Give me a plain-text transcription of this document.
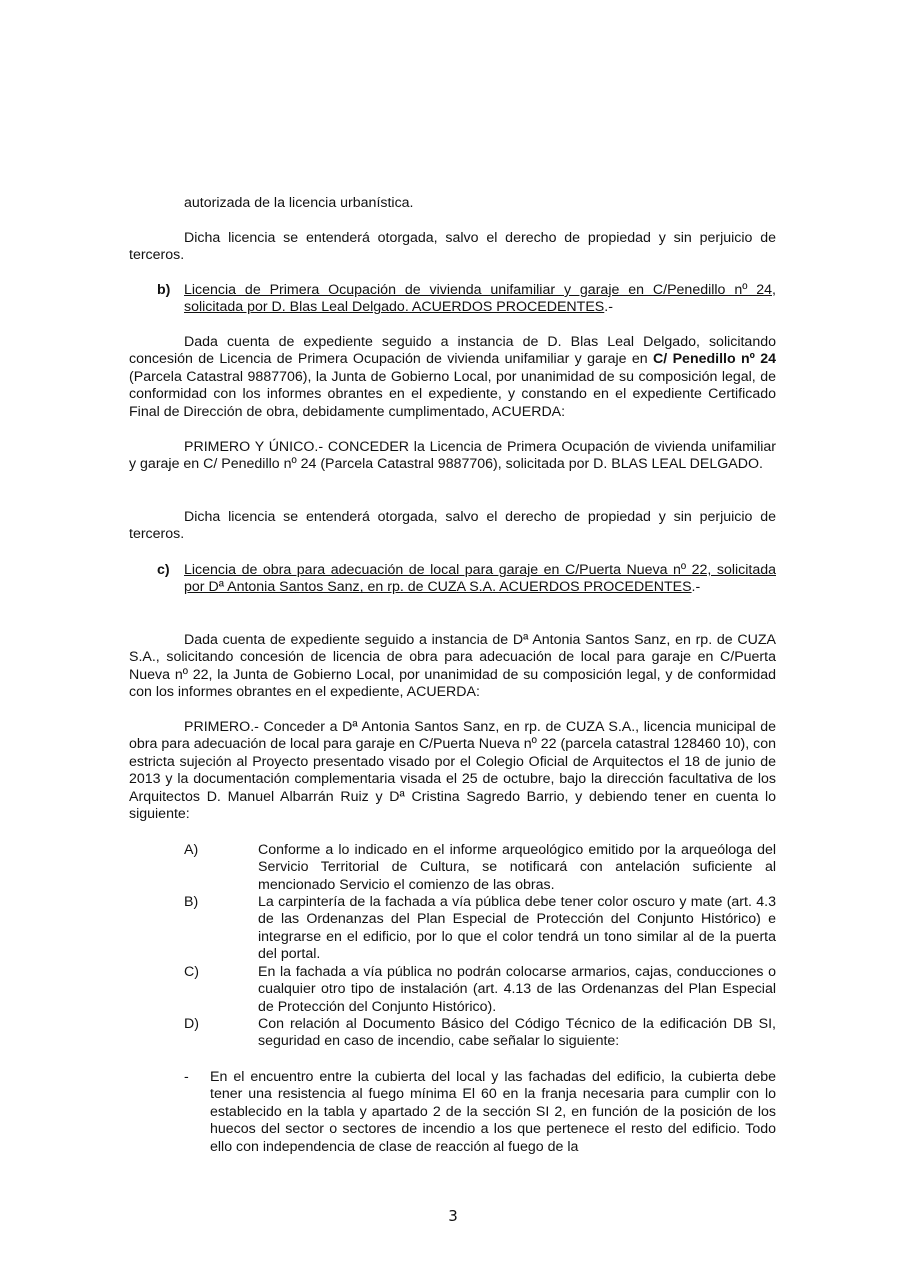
autorizada de la licencia urbanística.
Dicha licencia se entenderá otorgada, salvo el derecho de propiedad y sin perjuicio de terceros.
b) Licencia de Primera Ocupación de vivienda unifamiliar y garaje en C/Penedillo nº 24, solicitada por D. Blas Leal Delgado. ACUERDOS PROCEDENTES.-
Dada cuenta de expediente seguido a instancia de D. Blas Leal Delgado, solicitando concesión de Licencia de Primera Ocupación de vivienda unifamiliar y garaje en C/ Penedillo nº 24 (Parcela Catastral 9887706), la Junta de Gobierno Local, por unanimidad de su composición legal, de conformidad con los informes obrantes en el expediente, y constando en el expediente Certificado Final de Dirección de obra, debidamente cumplimentado, ACUERDA:
PRIMERO Y ÚNICO.- CONCEDER la Licencia de Primera Ocupación de vivienda unifamiliar y garaje en C/ Penedillo nº 24 (Parcela Catastral 9887706), solicitada por D. BLAS LEAL DELGADO.
Dicha licencia se entenderá otorgada, salvo el derecho de propiedad y sin perjuicio de terceros.
c) Licencia de obra para adecuación de local para garaje en C/Puerta Nueva nº 22, solicitada por Dª Antonia Santos Sanz, en rp. de CUZA S.A. ACUERDOS PROCEDENTES.-
Dada cuenta de expediente seguido a instancia de Dª Antonia Santos Sanz, en rp. de CUZA S.A., solicitando concesión de licencia de obra para adecuación de local para garaje en C/Puerta Nueva nº 22, la Junta de Gobierno Local, por unanimidad de su composición legal, y de conformidad con los informes obrantes en el expediente, ACUERDA:
PRIMERO.- Conceder a Dª Antonia Santos Sanz, en rp. de CUZA S.A., licencia municipal de obra para adecuación de local para garaje en C/Puerta Nueva nº 22 (parcela catastral 128460 10), con estricta sujeción al Proyecto presentado visado por el Colegio Oficial de Arquitectos el 18 de junio de 2013 y la documentación complementaria visada el 25 de octubre, bajo la dirección facultativa de los Arquitectos D. Manuel Albarrán Ruiz y Dª Cristina Sagredo Barrio, y debiendo tener en cuenta lo siguiente:
A)	Conforme a lo indicado en el informe arqueológico emitido por la arqueóloga del Servicio Territorial de Cultura, se notificará con antelación suficiente al mencionado Servicio el comienzo de las obras.
B)	La carpintería de la fachada a vía pública debe tener color oscuro y mate (art. 4.3 de las Ordenanzas del Plan Especial de Protección del Conjunto Histórico) e integrarse en el edificio, por lo que el color tendrá un tono similar al de la puerta del portal.
C)	En la fachada a vía pública no podrán colocarse armarios, cajas, conducciones o cualquier otro tipo de instalación (art. 4.13 de las Ordenanzas del Plan Especial de Protección del Conjunto Histórico).
D)	Con relación al Documento Básico del Código Técnico de la edificación DB SI, seguridad en caso de incendio, cabe señalar lo siguiente:
- En el encuentro entre la cubierta del local y las fachadas del edificio, la cubierta debe tener una resistencia al fuego mínima El 60 en la franja necesaria para cumplir con lo establecido en la tabla y apartado 2 de la sección SI 2, en función de la posición de los huecos del sector o sectores de incendio a los que pertenece el resto del edificio. Todo ello con independencia de clase de reacción al fuego de la
3
